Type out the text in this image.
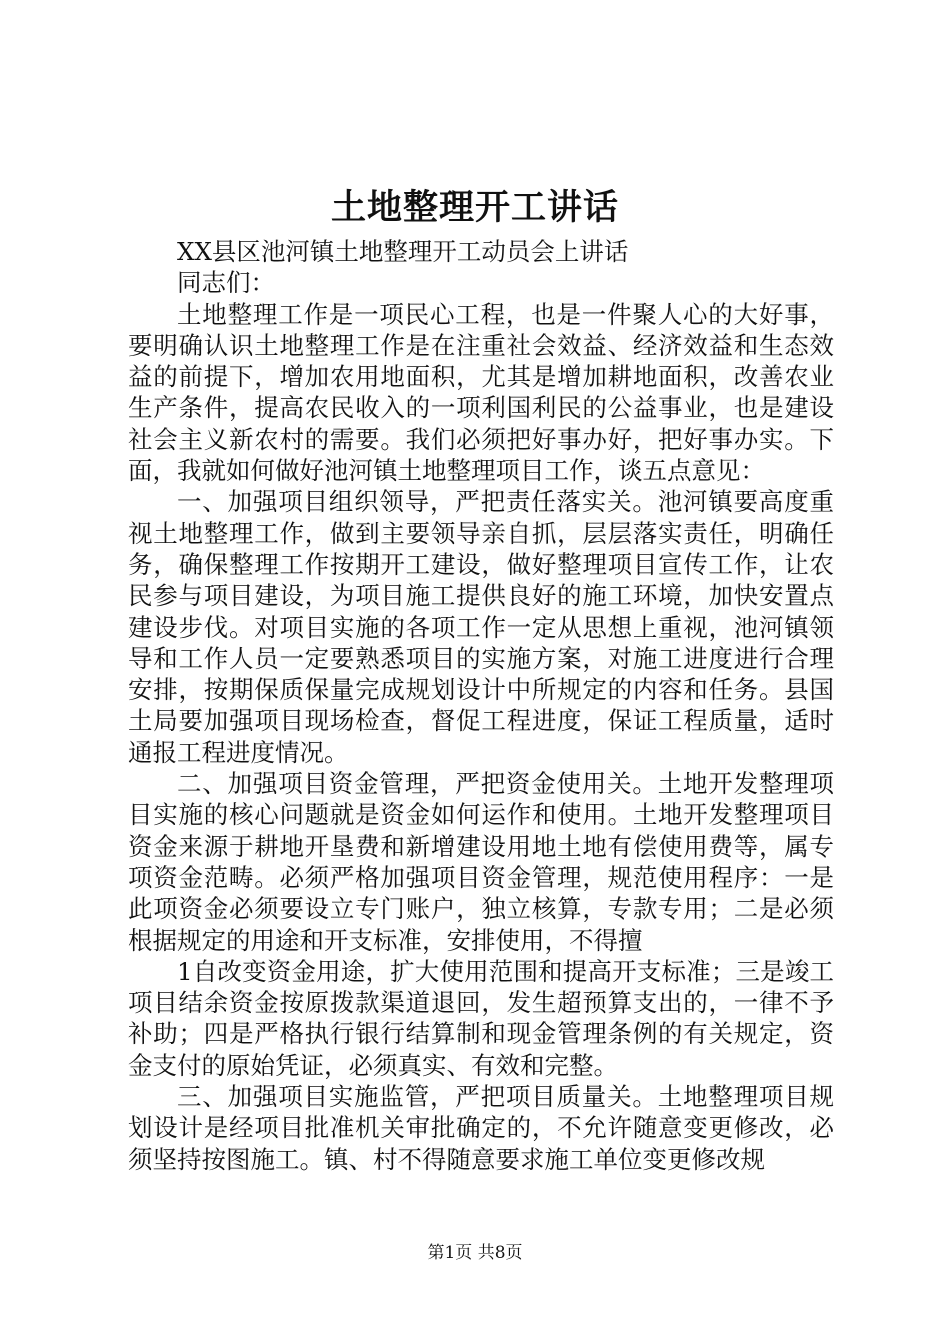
土地整理开工讲话

XX县区池河镇土地整理开工动员会上讲话

同志们：

土地整理工作是一项民心工程，也是一件聚人心的大好事，要明确认识土地整理工作是在注重社会效益、经济效益和生态效益的前提下，增加农用地面积，尤其是增加耕地面积，改善农业生产条件，提高农民收入的一项利国利民的公益事业，也是建设社会主义新农村的需要。我们必须把好事办好，把好事办实。下面，我就如何做好池河镇土地整理项目工作，谈五点意见：

一、加强项目组织领导，严把责任落实关。池河镇要高度重视土地整理工作，做到主要领导亲自抓，层层落实责任，明确任务，确保整理工作按期开工建设，做好整理项目宣传工作，让农民参与项目建设，为项目施工提供良好的施工环境，加快安置点建设步伐。对项目实施的各项工作一定从思想上重视，池河镇领导和工作人员一定要熟悉项目的实施方案，对施工进度进行合理安排，按期保质保量完成规划设计中所规定的内容和任务。县国土局要加强项目现场检查，督促工程进度，保证工程质量，适时通报工程进度情况。

二、加强项目资金管理，严把资金使用关。土地开发整理项目实施的核心问题就是资金如何运作和使用。土地开发整理项目资金来源于耕地开垦费和新增建设用地土地有偿使用费等，属专项资金范畴。必须严格加强项目资金管理，规范使用程序：一是此项资金必须要设立专门账户，独立核算，专款专用；二是必须根据规定的用途和开支标准，安排使用，不得擅

1自改变资金用途，扩大使用范围和提高开支标准；三是竣工项目结余资金按原拨款渠道退回，发生超预算支出的，一律不予补助；四是严格执行银行结算制和现金管理条例的有关规定，资金支付的原始凭证，必须真实、有效和完整。

三、加强项目实施监管，严把项目质量关。土地整理项目规划设计是经项目批准机关审批确定的，不允许随意变更修改，必须坚持按图施工。镇、村不得随意要求施工单位变更修改规

第1页 共8页
